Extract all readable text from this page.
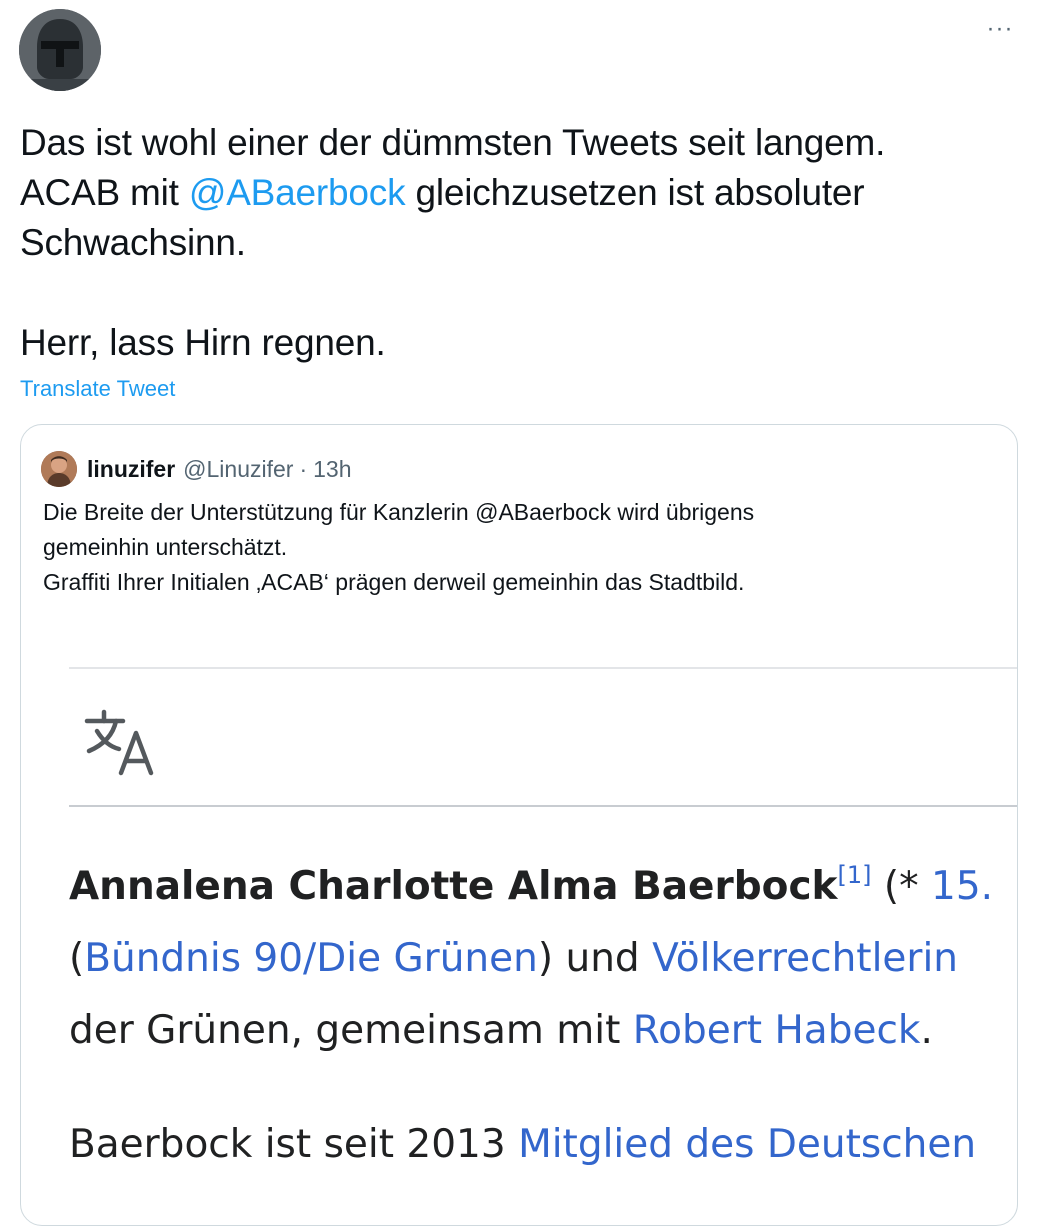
···
Das ist wohl einer der dümmsten Tweets seit langem.
ACAB mit @ABaerbock gleichzusetzen ist absoluter
Schwachsinn.
Herr, lass Hirn regnen.
Translate Tweet
linuzifer @Linuzifer · 13h
Die Breite der Unterstützung für Kanzlerin @ABaerbock wird übrigens
gemeinhin unterschätzt.
Graffiti Ihrer Initialen ‚ACAB‘ prägen derweil gemeinhin das Stadtbild.
Annalena Charlotte Alma Baerbock[1] (* 15.
(Bündnis 90/Die Grünen) und Völkerrechtlerin
der Grünen, gemeinsam mit Robert Habeck.
Baerbock ist seit 2013 Mitglied des Deutschen
